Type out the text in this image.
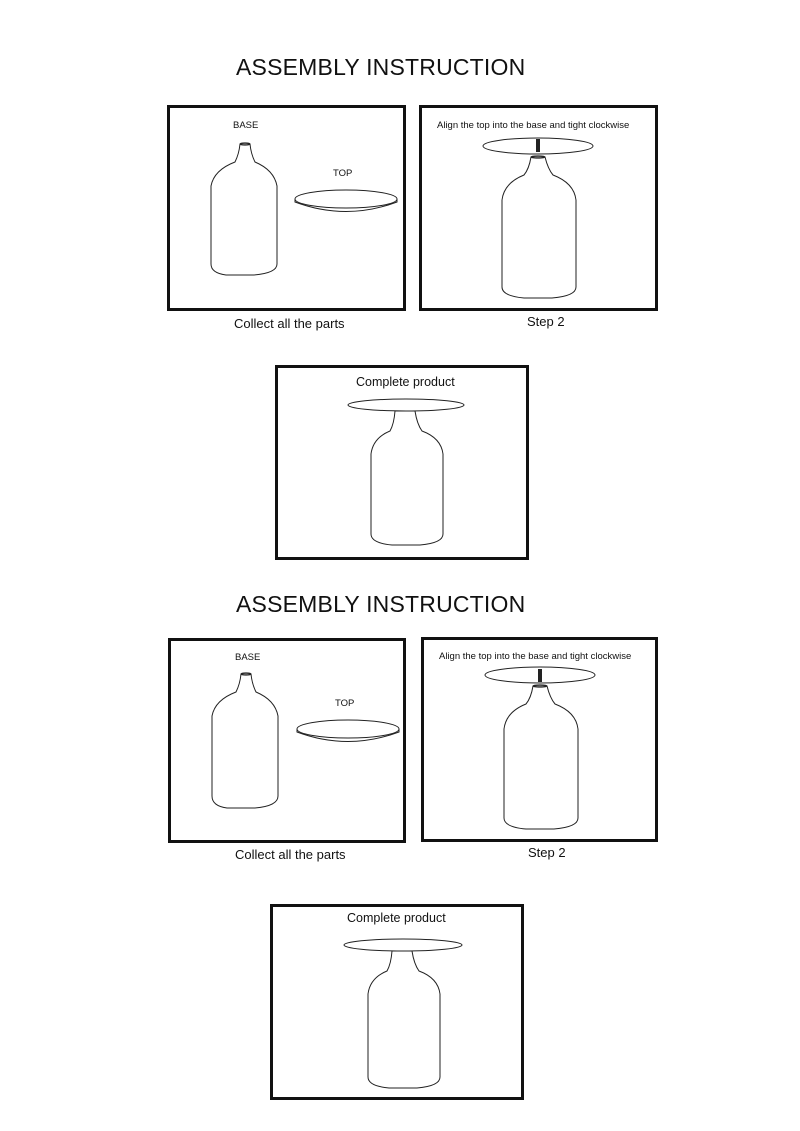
ASSEMBLY INSTRUCTION
BASE
TOP
Collect all the parts
Align the top into the base and tight clockwise
Step 2
Complete product
ASSEMBLY INSTRUCTION
BASE
TOP
Collect all the parts
Align the top into the base and tight clockwise
Step 2
Complete product
